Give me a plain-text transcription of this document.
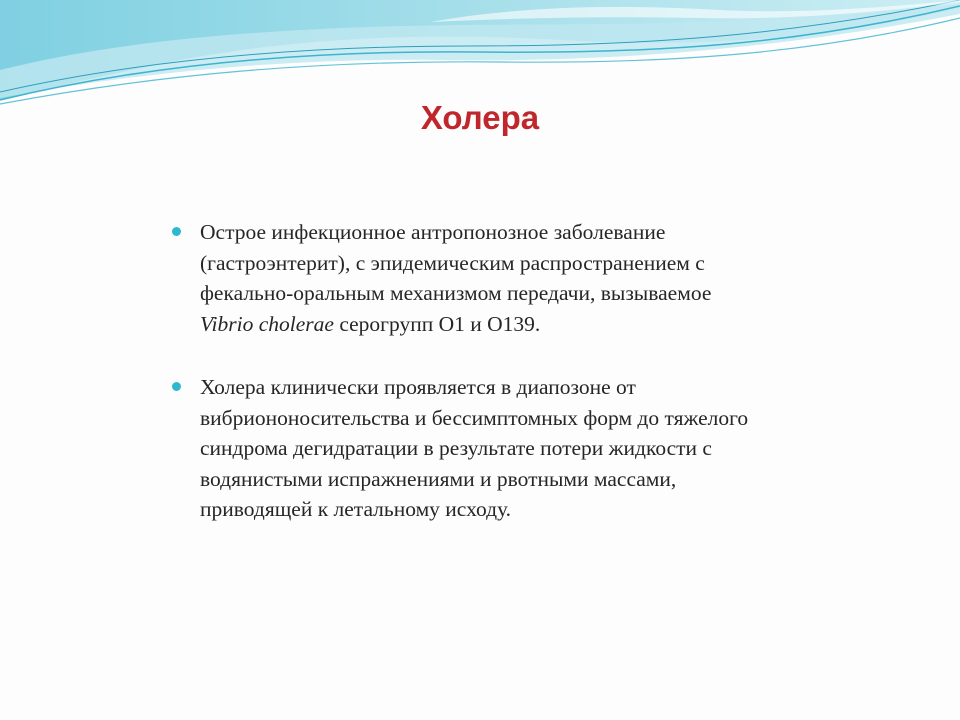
Холера
Острое инфекционное антропонозное заболевание
(гастроэнтерит), с эпидемическим распространением с
фекально-оральным механизмом передачи, вызываемое
Vibrio cholerae серогрупп О1 и О139.
Холера клинически проявляется в диапозоне от
вибриононосительства и бессимптомных форм до тяжелого
синдрома дегидратации в результате потери жидкости с
водянистыми испражнениями и рвотными массами,
приводящей к летальному исходу.
